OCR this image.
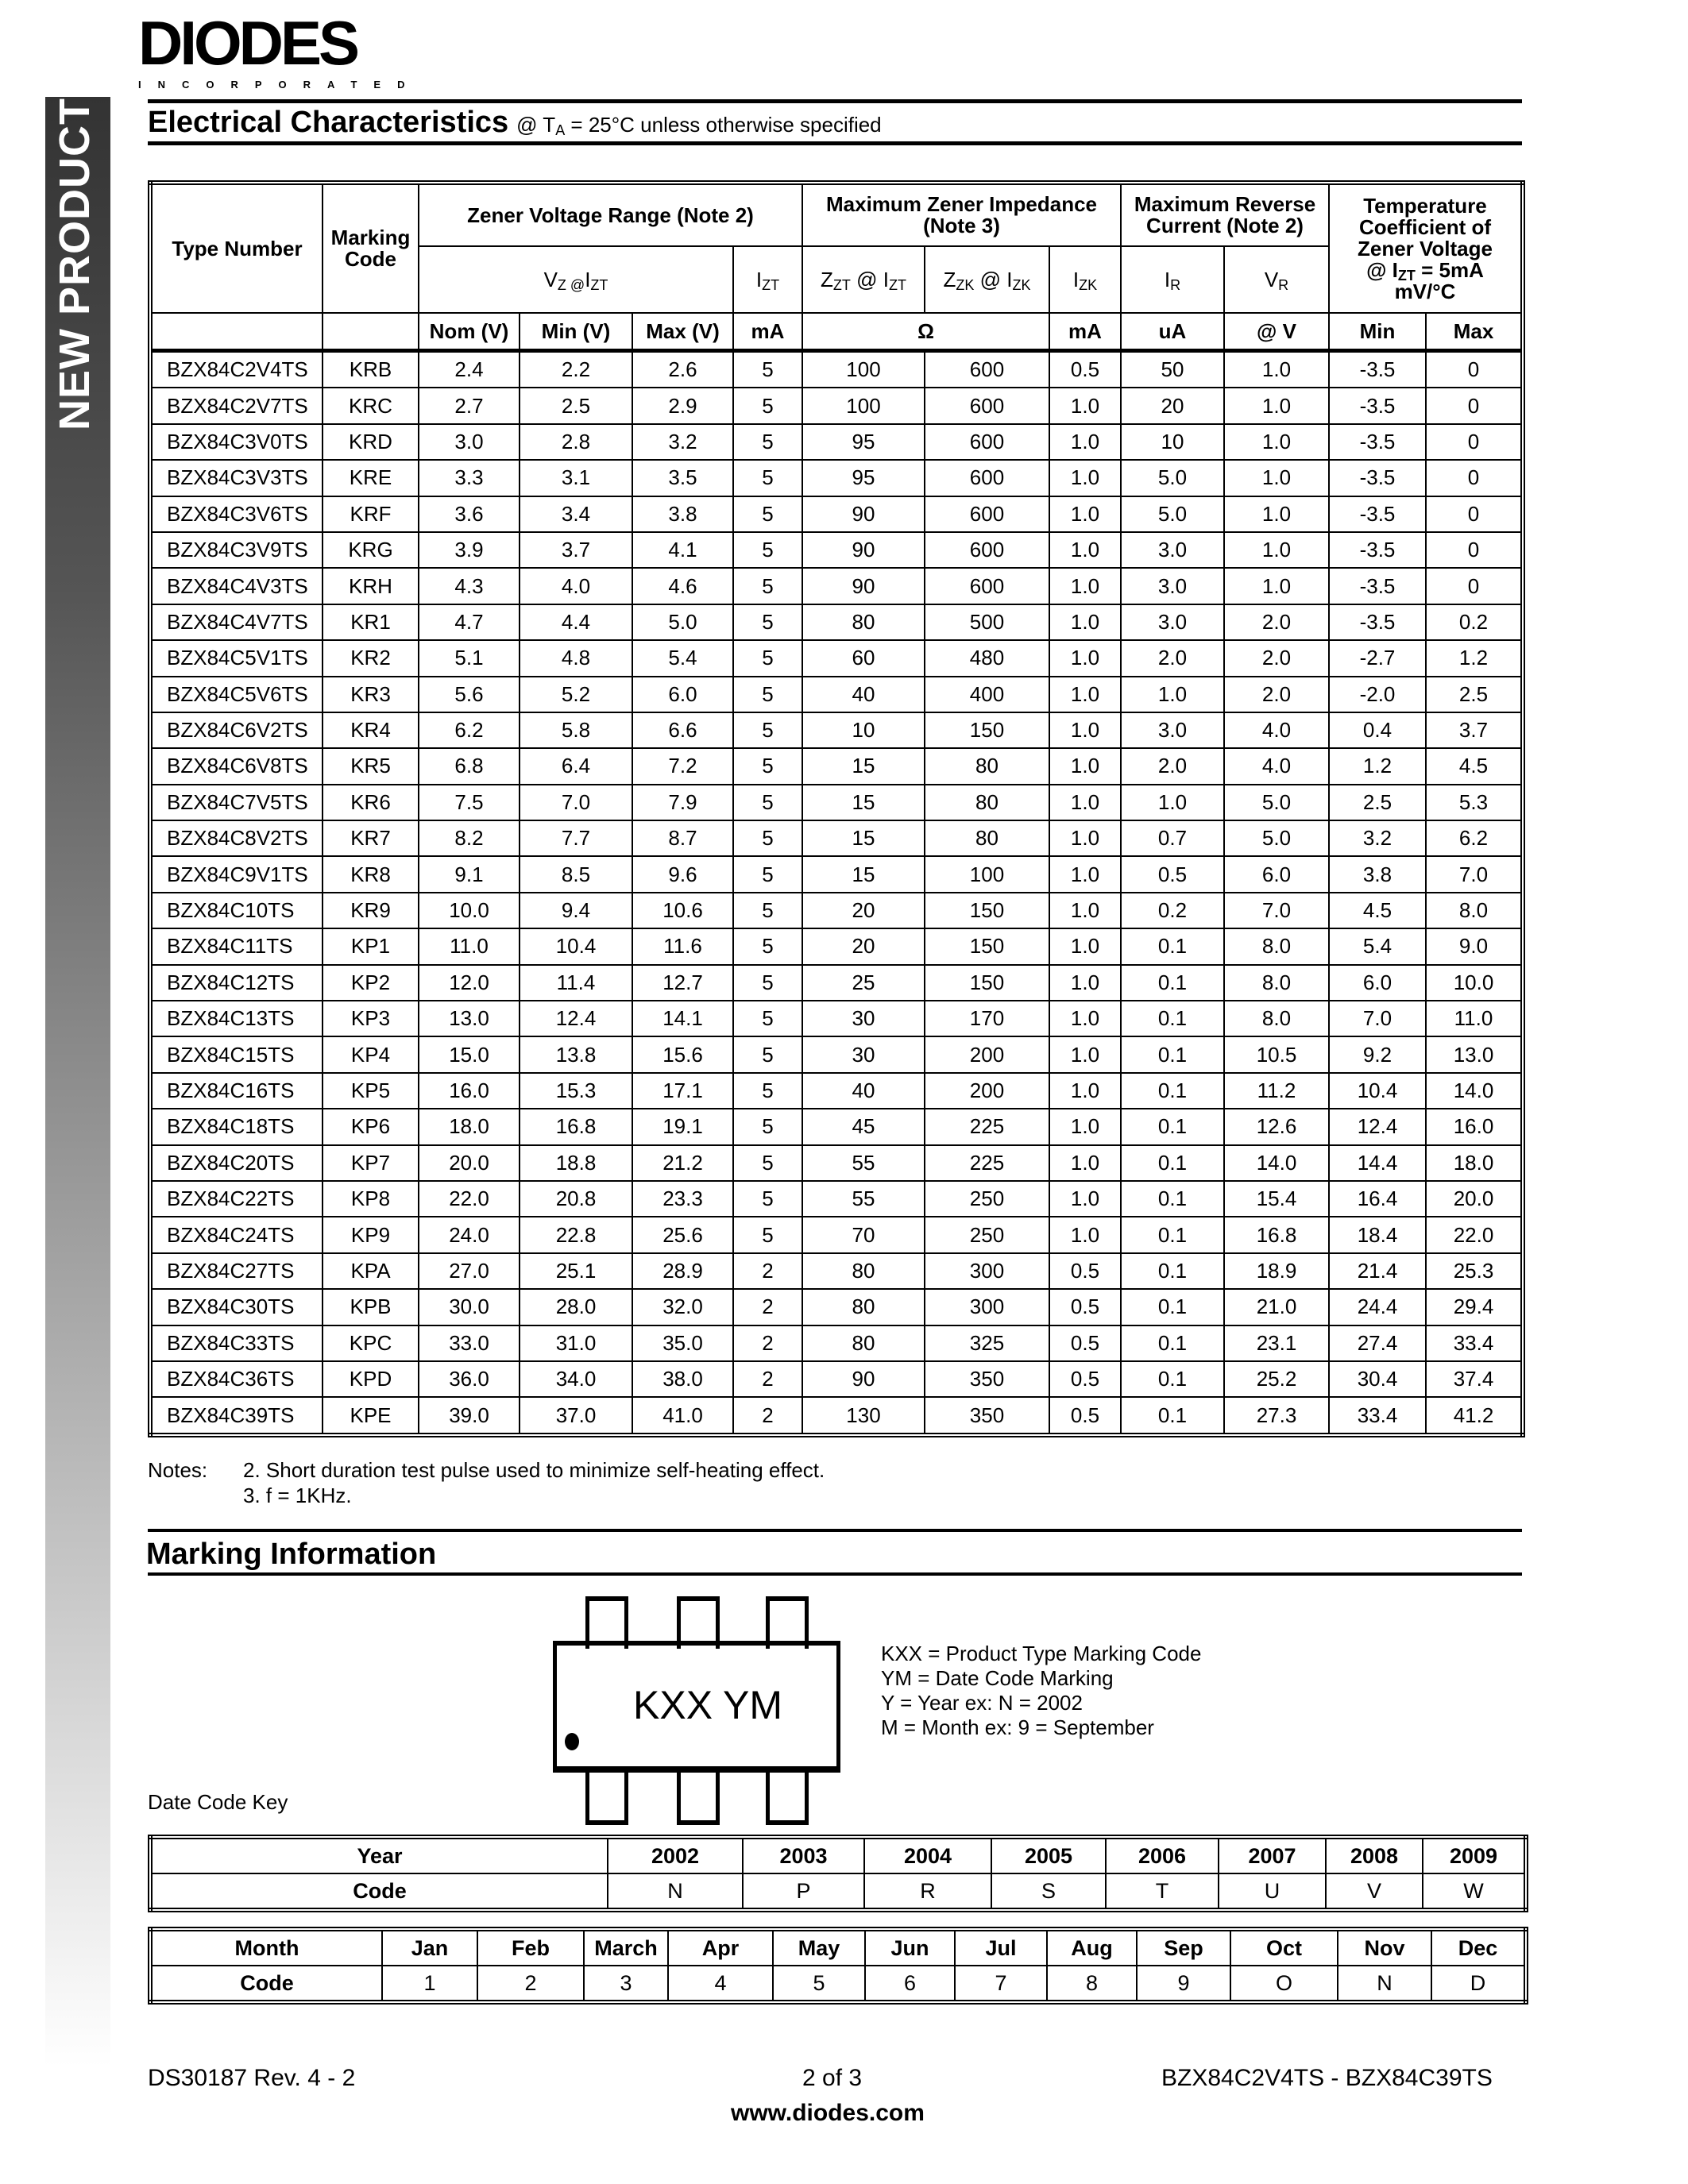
DIODES
INCORPORATED
NEW PRODUCT Electrical Characteristics @ $T_A = 25^\circ C$ unless otherwise specified
Type Number	Marking Code	Zener Voltage Range (Note 2)				Maximum Zener Impedance (Note 3)			Maximum Reverse Current (Note 2)		Temperature Coefficient of Zener Voltage
@ $I_{ZT} = 5mA$
mV/°C	

		$V_{Z @}I_{ZT}$			$I_{ZT}$	$Z_{ZT}$ @ $I_{ZT}$	$Z_{ZK}$ @ $I_{ZK}$	$I_{ZK}$	$I_R$	$V_R$
		Nom (V)	Min (V)	Max (V)	mA	Ω		mA	uA	@ V	Min	Max
BZX84C2V4TS	KRB	2.4	2.2	2.6	5	100	600	0.5	50	1.0	-3.5	0
BZX84C2V7TS	KRC	2.7	2.5	2.9	5	100	600	1.0	20	1.0	-3.5	0
BZX84C3V0TS	KRD	3.0	2.8	3.2	5	95	600	1.0	10	1.0	-3.5	0
BZX84C3V3TS	KRE	3.3	3.1	3.5	5	95	600	1.0	5.0	1.0	-3.5	0
BZX84C3V6TS	KRF	3.6	3.4	3.8	5	90	600	1.0	5.0	1.0	-3.5	0
BZX84C3V9TS	KRG	3.9	3.7	4.1	5	90	600	1.0	3.0	1.0	-3.5	0
BZX84C4V3TS	KRH	4.3	4.0	4.6	5	90	600	1.0	3.0	1.0	-3.5	0
BZX84C4V7TS	KR1	4.7	4.4	5.0	5	80	500	1.0	3.0	2.0	-3.5	0.2
BZX84C5V1TS	KR2	5.1	4.8	5.4	5	60	480	1.0	2.0	2.0	-2.7	1.2
BZX84C5V6TS	KR3	5.6	5.2	6.0	5	40	400	1.0	1.0	2.0	-2.0	2.5
BZX84C6V2TS	KR4	6.2	5.8	6.6	5	10	150	1.0	3.0	4.0	0.4	3.7
BZX84C6V8TS	KR5	6.8	6.4	7.2	5	15	80	1.0	2.0	4.0	1.2	4.5
BZX84C7V5TS	KR6	7.5	7.0	7.9	5	15	80	1.0	1.0	5.0	2.5	5.3
BZX84C8V2TS	KR7	8.2	7.7	8.7	5	15	80	1.0	0.7	5.0	3.2	6.2
BZX84C9V1TS	KR8	9.1	8.5	9.6	5	15	100	1.0	0.5	6.0	3.8	7.0
BZX84C10TS	KR9	10.0	9.4	10.6	5	20	150	1.0	0.2	7.0	4.5	8.0
BZX84C11TS	KP1	11.0	10.4	11.6	5	20	150	1.0	0.1	8.0	5.4	9.0
BZX84C12TS	KP2	12.0	11.4	12.7	5	25	150	1.0	0.1	8.0	6.0	10.0
BZX84C13TS	KP3	13.0	12.4	14.1	5	30	170	1.0	0.1	8.0	7.0	11.0
BZX84C15TS	KP4	15.0	13.8	15.6	5	30	200	1.0	0.1	10.5	9.2	13.0
BZX84C16TS	KP5	16.0	15.3	17.1	5	40	200	1.0	0.1	11.2	10.4	14.0
BZX84C18TS	KP6	18.0	16.8	19.1	5	45	225	1.0	0.1	12.6	12.4	16.0
BZX84C20TS	KP7	20.0	18.8	21.2	5	55	225	1.0	0.1	14.0	14.4	18.0
BZX84C22TS	KP8	22.0	20.8	23.3	5	55	250	1.0	0.1	15.4	16.4	20.0
BZX84C24TS	KP9	24.0	22.8	25.6	5	70	250	1.0	0.1	16.8	18.4	22.0
BZX84C27TS	KPA	27.0	25.1	28.9	2	80	300	0.5	0.1	18.9	21.4	25.3
BZX84C30TS	KPB	30.0	28.0	32.0	2	80	300	0.5	0.1	21.0	24.4	29.4
BZX84C33TS	KPC	33.0	31.0	35.0	2	80	325	0.5	0.1	23.1	27.4	33.4
BZX84C36TS	KPD	36.0	34.0	38.0	2	90	350	0.5	0.1	25.2	30.4	37.4
BZX84C39TS	KPE	39.0	37.0	41.0	2	130	350	0.5	0.1	27.3	33.4	41.2
Notes: 2. Short duration test pulse used to minimize self-heating effect.
3. f = 1KHz.
Marking Information
KXX YM
KXX = Product Type Marking Code
YM = Date Code Marking
Y = Year ex: N = 2002
M = Month ex: 9 = September
Date Code Key
Year	2002	2003	2004	2005	2006	2007	2008	2009
Code	N	P	R	S	T	U	V	W
Month	Jan	Feb	March	Apr	May	Jun	Jul	Aug	Sep	Oct	Nov	Dec
Code	1	2	3	4	5	6	7	8	9	O	N	D
DS30187 Rev. 4 - 2	2 of 3	BZX84C2V4TS - BZX84C39TS
www.diodes.com
